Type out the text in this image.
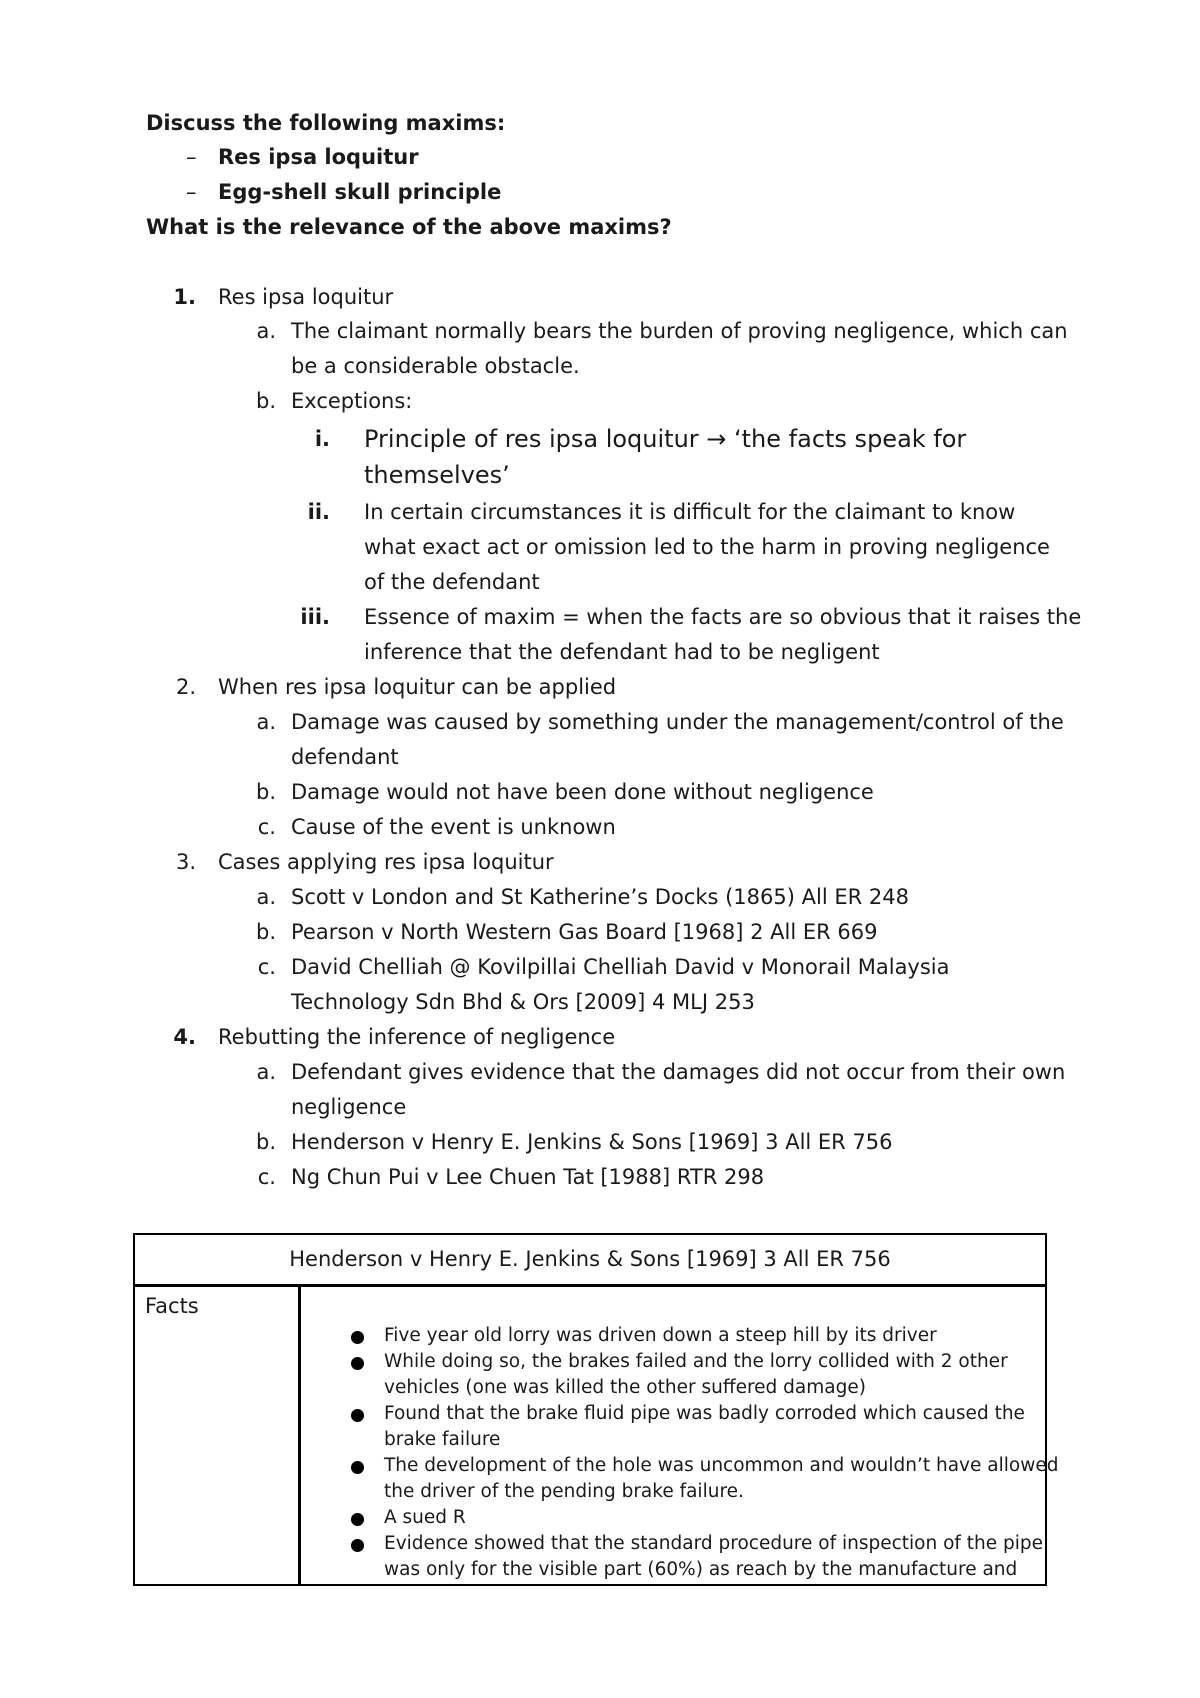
Discuss the following maxims:
– Res ipsa loquitur
– Egg-shell skull principle
What is the relevance of the above maxims?
1. Res ipsa loquitur
a. The claimant normally bears the burden of proving negligence, which can
be a considerable obstacle.
b. Exceptions:
i. Principle of res ipsa loquitur → ‘the facts speak for
themselves’
ii. In certain circumstances it is difficult for the claimant to know
what exact act or omission led to the harm in proving negligence
of the defendant
iii. Essence of maxim = when the facts are so obvious that it raises the
inference that the defendant had to be negligent
2. When res ipsa loquitur can be applied
a. Damage was caused by something under the management/control of the
defendant
b. Damage would not have been done without negligence
c. Cause of the event is unknown
3. Cases applying res ipsa loquitur
a. Scott v London and St Katherine’s Docks (1865) All ER 248
b. Pearson v North Western Gas Board [1968] 2 All ER 669
c. David Chelliah @ Kovilpillai Chelliah David v Monorail Malaysia
Technology Sdn Bhd & Ors [2009] 4 MLJ 253
4. Rebutting the inference of negligence
a. Defendant gives evidence that the damages did not occur from their own
negligence
b. Henderson v Henry E. Jenkins & Sons [1969] 3 All ER 756
c. Ng Chun Pui v Lee Chuen Tat [1988] RTR 298
Henderson v Henry E. Jenkins & Sons [1969] 3 All ER 756
Facts
Five year old lorry was driven down a steep hill by its driver
While doing so, the brakes failed and the lorry collided with 2 other
vehicles (one was killed the other suffered damage)
Found that the brake fluid pipe was badly corroded which caused the
brake failure
The development of the hole was uncommon and wouldn’t have allowed
the driver of the pending brake failure.
A sued R
Evidence showed that the standard procedure of inspection of the pipe
was only for the visible part (60%) as reach by the manufacture and
